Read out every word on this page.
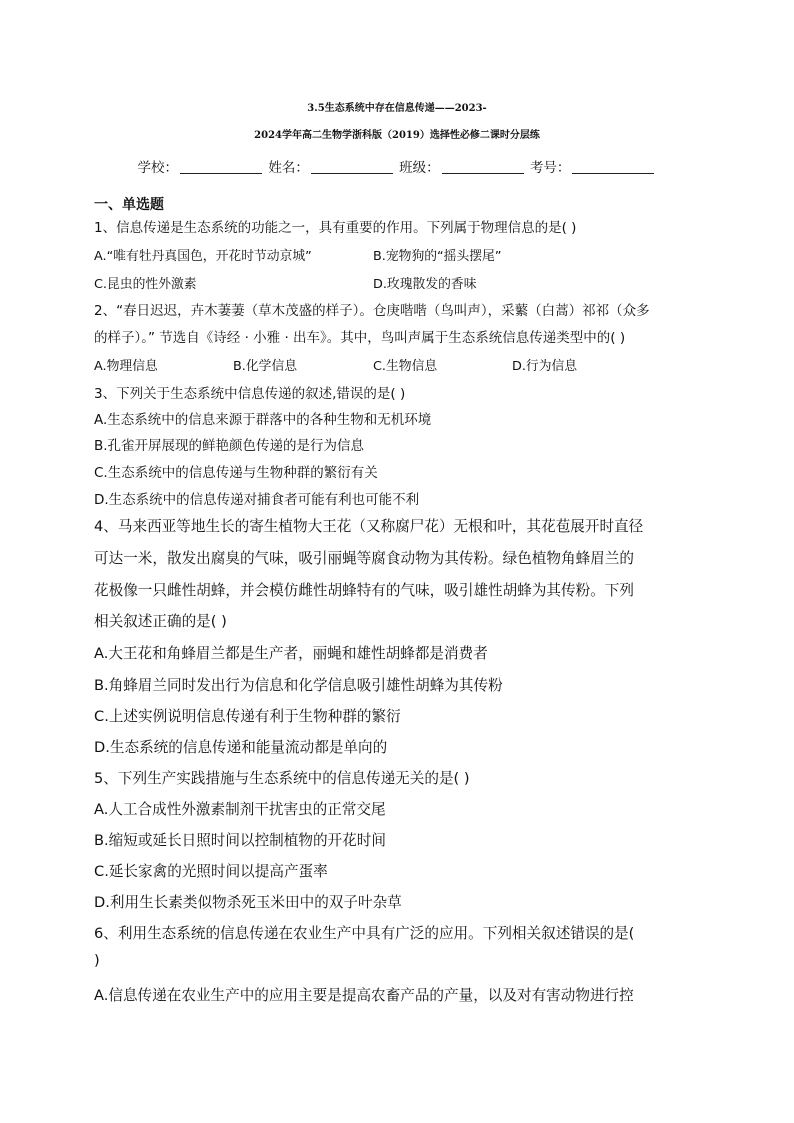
3.5生态系统中存在信息传递——2023-
2024学年高二生物学浙科版（2019）选择性必修二课时分层练
学校：	姓名：	班级：	考号：
一、单选题
1、信息传递是生态系统的功能之一，具有重要的作用。下列属于物理信息的是( )
A.“唯有牡丹真国色，开花时节动京城”	B.宠物狗的“摇头摆尾”
C.昆虫的性外激素	D.玫瑰散发的香味
2、“春日迟迟，卉木萋萋（草木茂盛的样子）。仓庚喈喈（鸟叫声），采蘩（白蒿）祁祁（众多
的样子）。” 节选自《诗经 · 小雅 · 出车》。其中，鸟叫声属于生态系统信息传递类型中的( )
A.物理信息	B.化学信息	C.生物信息	D.行为信息
3、下列关于生态系统中信息传递的叙述,错误的是( )
A.生态系统中的信息来源于群落中的各种生物和无机环境
B.孔雀开屏展现的鲜艳颜色传递的是行为信息
C.生态系统中的信息传递与生物种群的繁衍有关
D.生态系统中的信息传递对捕食者可能有利也可能不利
4、马来西亚等地生长的寄生植物大王花（又称腐尸花）无根和叶，其花苞展开时直径
可达一米，散发出腐臭的气味，吸引丽蝇等腐食动物为其传粉。绿色植物角蜂眉兰的
花极像一只雌性胡蜂，并会模仿雌性胡蜂特有的气味，吸引雄性胡蜂为其传粉。下列
相关叙述正确的是( )
A.大王花和角蜂眉兰都是生产者，丽蝇和雄性胡蜂都是消费者
B.角蜂眉兰同时发出行为信息和化学信息吸引雄性胡蜂为其传粉
C.上述实例说明信息传递有利于生物种群的繁衍
D.生态系统的信息传递和能量流动都是单向的
5、下列生产实践措施与生态系统中的信息传递无关的是( )
A.人工合成性外激素制剂干扰害虫的正常交尾
B.缩短或延长日照时间以控制植物的开花时间
C.延长家禽的光照时间以提高产蛋率
D.利用生长素类似物杀死玉米田中的双子叶杂草
6、利用生态系统的信息传递在农业生产中具有广泛的应用。下列相关叙述错误的是(
)
A.信息传递在农业生产中的应用主要是提高农畜产品的产量，以及对有害动物进行控
